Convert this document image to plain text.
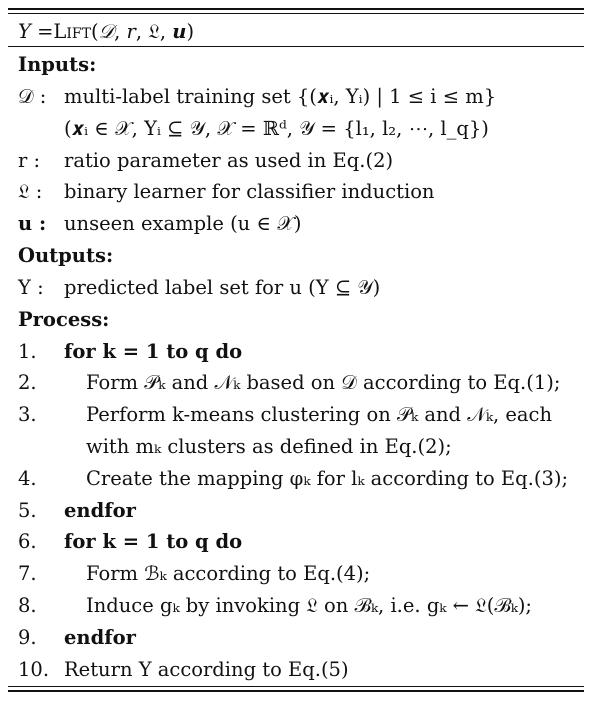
Y =Lift(𝒟, r, 𝔏, u)
Inputs:
𝒟 : multi-label training set {(𝒙ᵢ, Yᵢ) | 1 ≤ i ≤ m}
(𝒙ᵢ ∈ 𝒳, Yᵢ ⊆ 𝒴, 𝒳 = ℝᵈ, 𝒴 = {l₁, l₂, ⋯, l_q})
r : ratio parameter as used in Eq.(2)
𝔏 : binary learner for classifier induction
u : unseen example (u ∈ 𝒳)
Outputs:
Y : predicted label set for u (Y ⊆ 𝒴)
Process:
1. for k = 1 to q do
2.	Form 𝒫ₖ and 𝒩ₖ based on 𝒟 according to Eq.(1);
3.	Perform k-means clustering on 𝒫ₖ and 𝒩ₖ, each
with mₖ clusters as defined in Eq.(2);
4.	Create the mapping φₖ for lₖ according to Eq.(3);
5. endfor
6. for k = 1 to q do
7.	Form ℬₖ according to Eq.(4);
8.	Induce gₖ by invoking 𝔏 on ℬₖ, i.e. gₖ ← 𝔏(ℬₖ);
9. endfor
10. Return Y according to Eq.(5)
